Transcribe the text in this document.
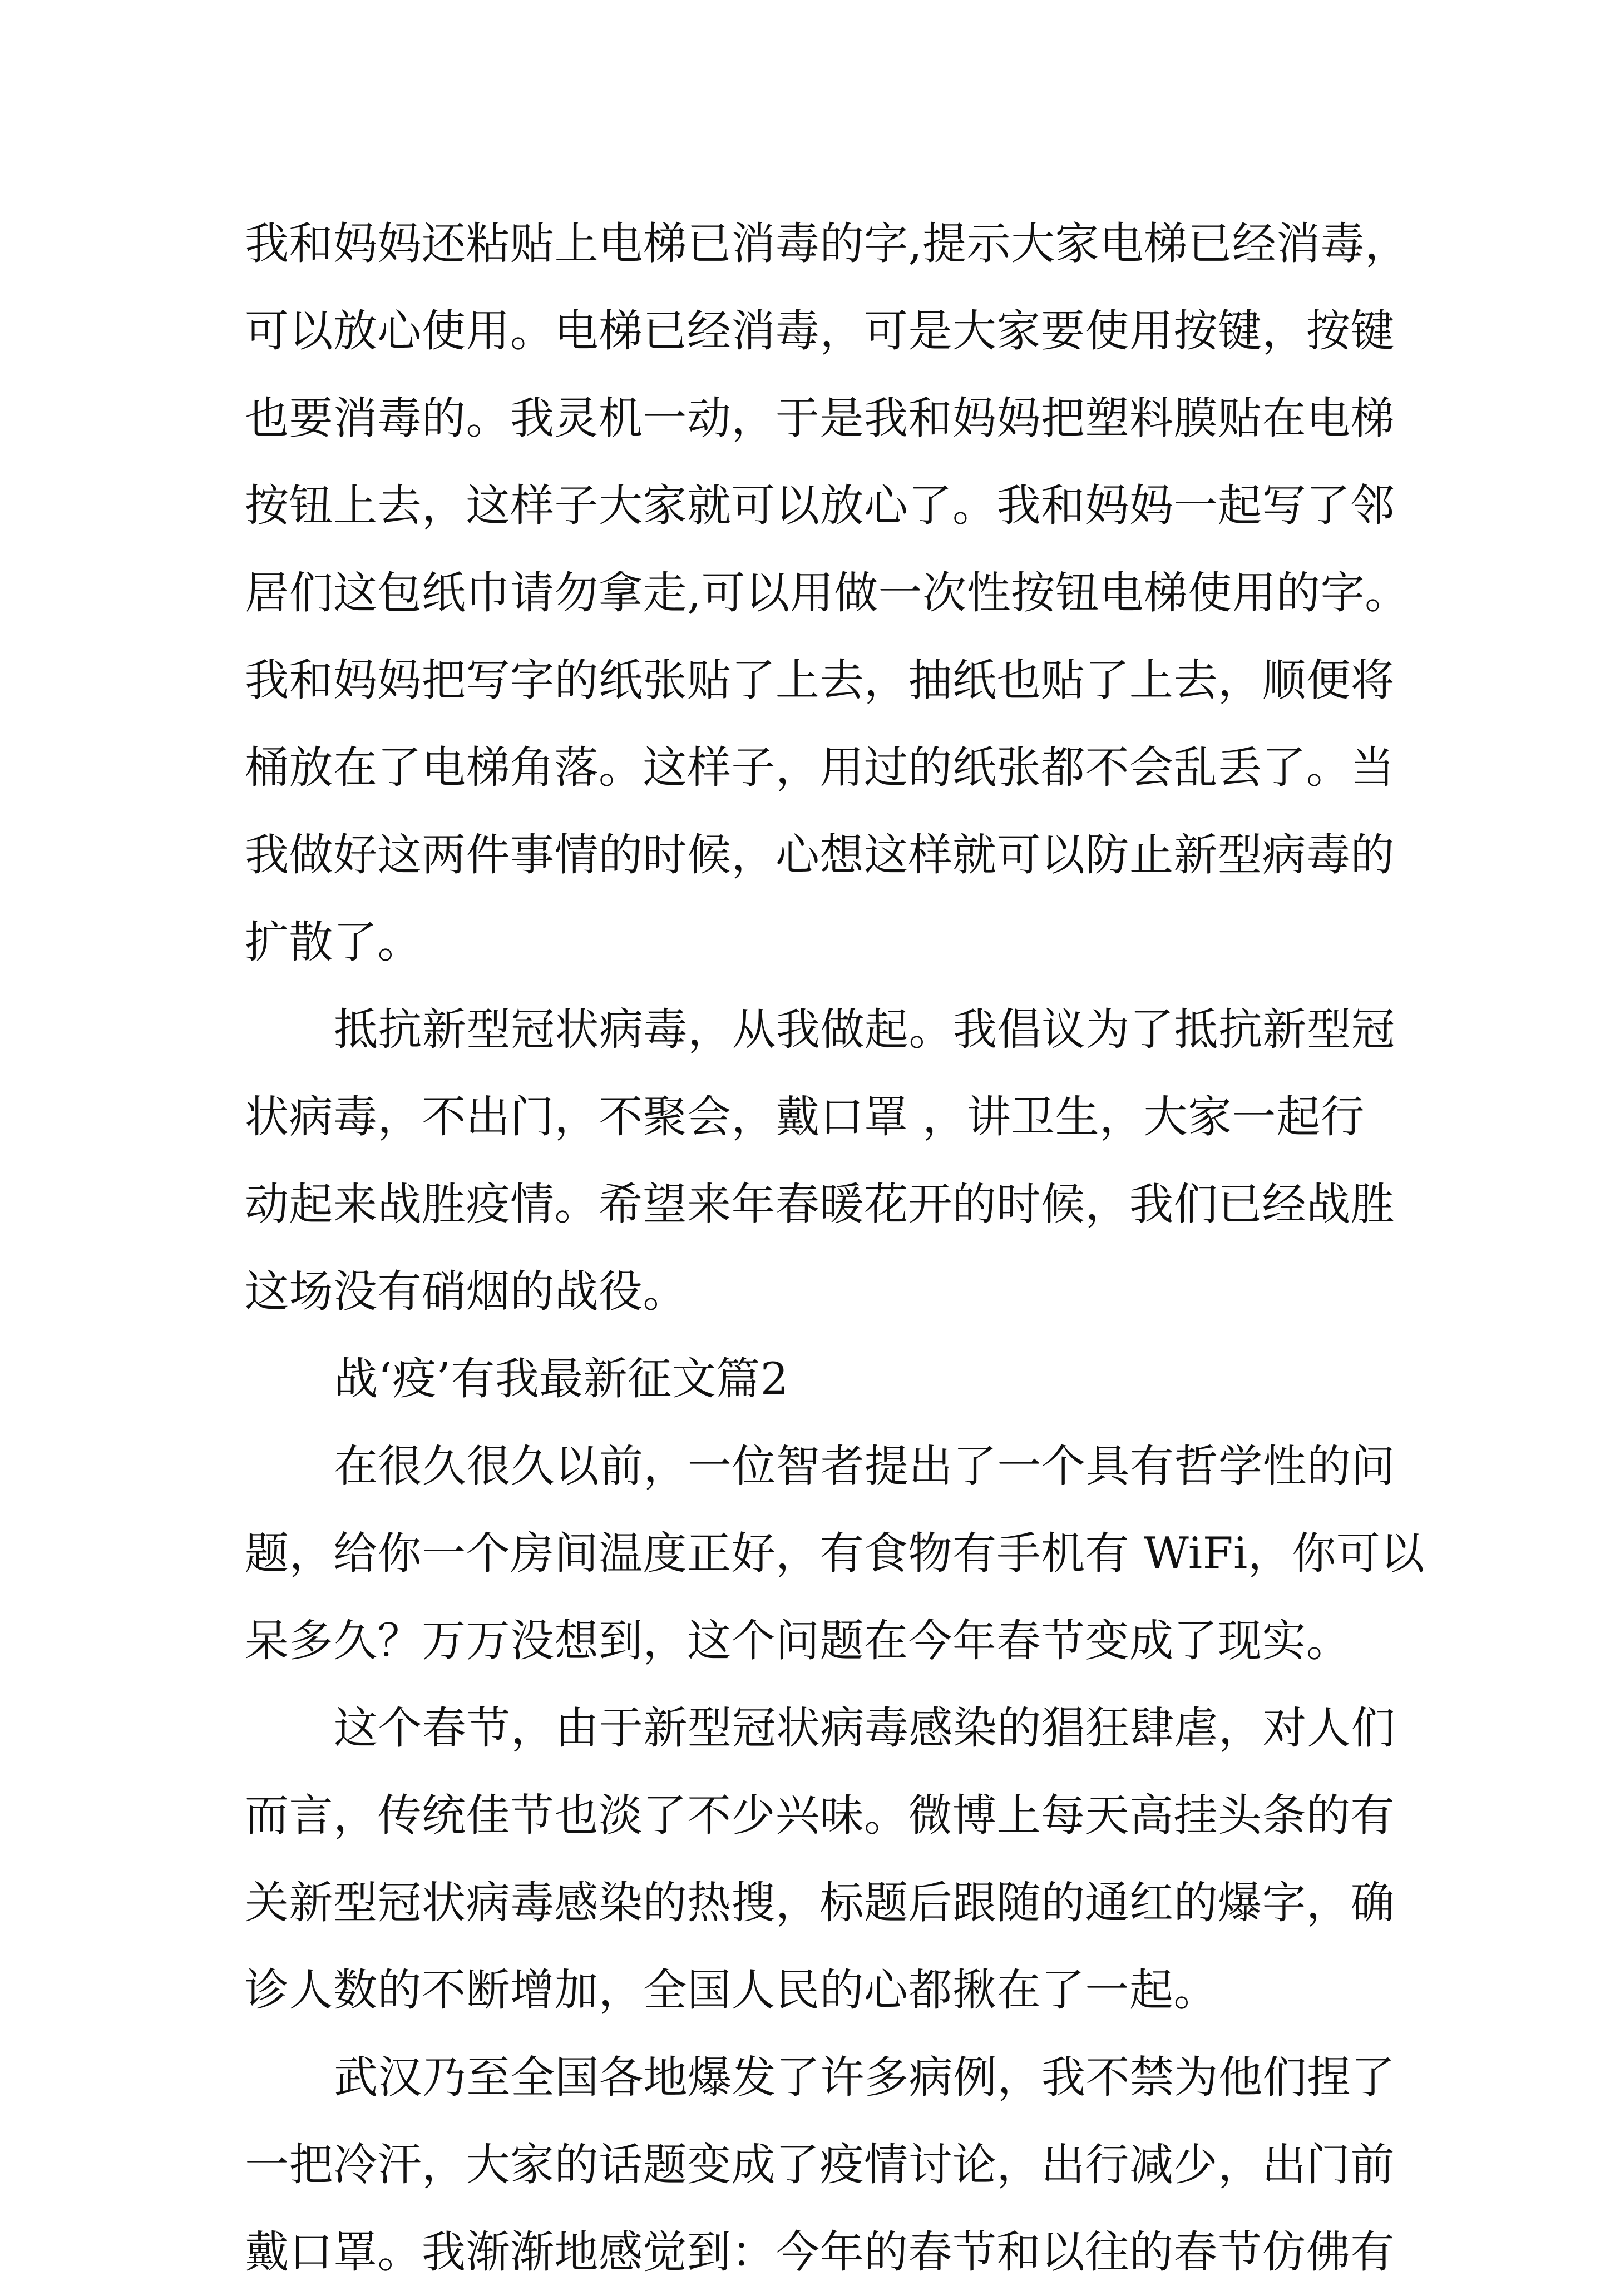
我和妈妈还粘贴上电梯已消毒的字,提示大家电梯已经消毒，
可以放心使用。电梯已经消毒，可是大家要使用按键，按键
也要消毒的。我灵机一动，于是我和妈妈把塑料膜贴在电梯
按钮上去，这样子大家就可以放心了。我和妈妈一起写了邻
居们这包纸巾请勿拿走,可以用做一次性按钮电梯使用的字。
我和妈妈把写字的纸张贴了上去，抽纸也贴了上去，顺便将
桶放在了电梯角落。这样子，用过的纸张都不会乱丢了。当
我做好这两件事情的时候，心想这样就可以防止新型病毒的
扩散了。
抵抗新型冠状病毒，从我做起。我倡议为了抵抗新型冠
状病毒，不出门，不聚会，戴口罩 ，讲卫生，大家一起行
动起来战胜疫情。希望来年春暖花开的时候，我们已经战胜
这场没有硝烟的战役。
战‘疫’有我最新征文篇2
在很久很久以前，一位智者提出了一个具有哲学性的问
题，给你一个房间温度正好，有食物有手机有 WiFi，你可以
呆多久？万万没想到，这个问题在今年春节变成了现实。
这个春节，由于新型冠状病毒感染的猖狂肆虐，对人们
而言，传统佳节也淡了不少兴味。微博上每天高挂头条的有
关新型冠状病毒感染的热搜，标题后跟随的通红的爆字，确
诊人数的不断增加，全国人民的心都揪在了一起。
武汉乃至全国各地爆发了许多病例，我不禁为他们捏了
一把冷汗，大家的话题变成了疫情讨论，出行减少，出门前
戴口罩。我渐渐地感觉到：今年的春节和以往的春节仿佛有
